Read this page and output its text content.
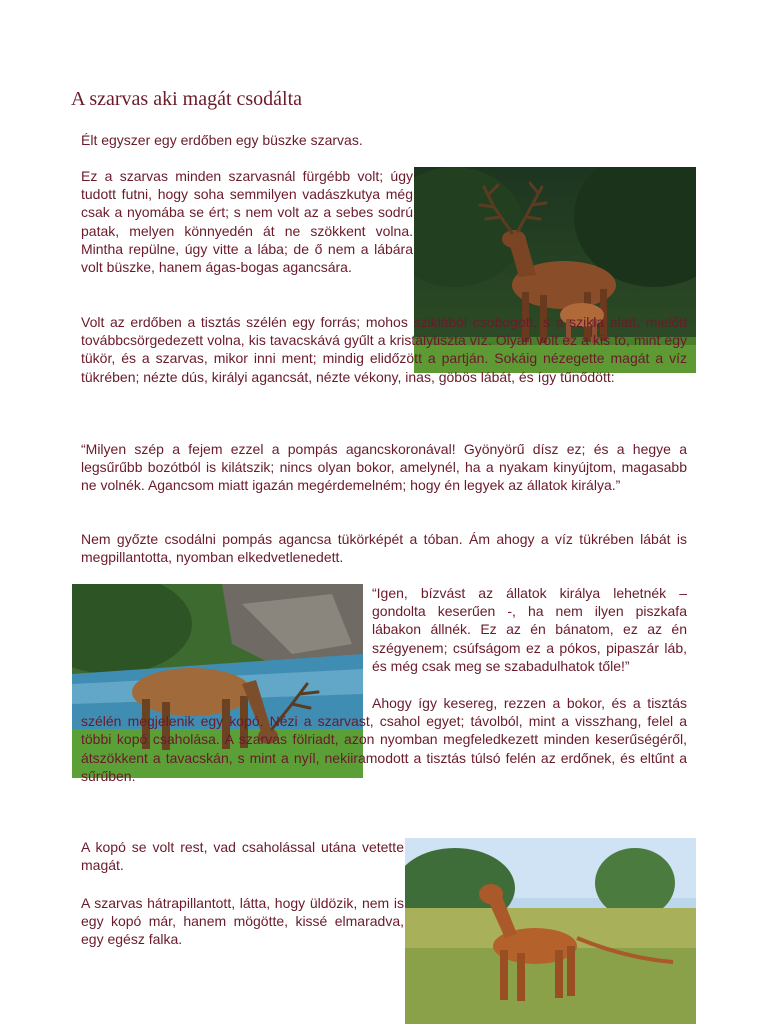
A szarvas aki magát csodálta

Élt egyszer egy erdőben egy büszke szarvas.

Ez a szarvas minden szarvasnál fürgébb volt; úgy tudott futni, hogy soha semmilyen vadászkutya még csak a nyomába se ért; s nem volt az a sebes sodrú patak, melyen könnyedén át ne szökkent volna. Mintha repülne, úgy vitte a lába; de ő nem a lábára volt büszke, hanem ágas-bogas agancsára.

Volt az erdőben a tisztás szélén egy forrás; mohos sziklából csobogott, s a szikla alatt, mielőtt továbbcsörgedezett volna, kis tavacskává gyűlt a kristálytiszta víz. Olyan volt ez a kis tó, mint egy tükör, és a szarvas, mikor inni ment; mindig elidőzött a partján. Sokáig nézegette magát a víz tükrében; nézte dús, királyi agancsát, nézte vékony, inas, göbös lábát, és így tűnődött:

“Milyen szép a fejem ezzel a pompás agancskoronával! Gyönyörű dísz ez; és a hegye a legsűrűbb bozótból is kilátszik; nincs olyan bokor, amelynél, ha a nyakam kinyújtom, magasabb ne volnék. Agancsom miatt igazán megérdemelném; hogy én legyek az állatok királya.”

Nem győzte csodálni pompás agancsa tükörképét a tóban. Ám ahogy a víz tükrében lábát is megpillantotta, nyomban elkedvetlenedett.

“Igen, bízvást az állatok királya lehetnék – gondolta keserűen -, ha nem ilyen piszkafa lábakon állnék. Ez az én bánatom, ez az én szégyenem; csúfságom ez a pókos, pipaszár láb, és még csak meg se szabadulhatok tőle!”

Ahogy így kesereg, rezzen a bokor, és a tisztás szélén megjelenik egy kopó. Nézi a szarvast, csahol egyet; távolból, mint a visszhang, felel a többi kopó csaholása. A szarvas fölriadt, azon nyomban megfeledkezett minden keserűségéről, átszökkent a tavacskán, s mint a nyíl, nekiiramodott a tisztás túlsó felén az erdőnek, és eltűnt a sűrűben.

A kopó se volt rest, vad csaholással utána vetette magát.

A szarvas hátrapillantott, látta, hogy üldözik, nem is egy kopó már, hanem mögötte, kissé elmaradva, egy egész falka.
